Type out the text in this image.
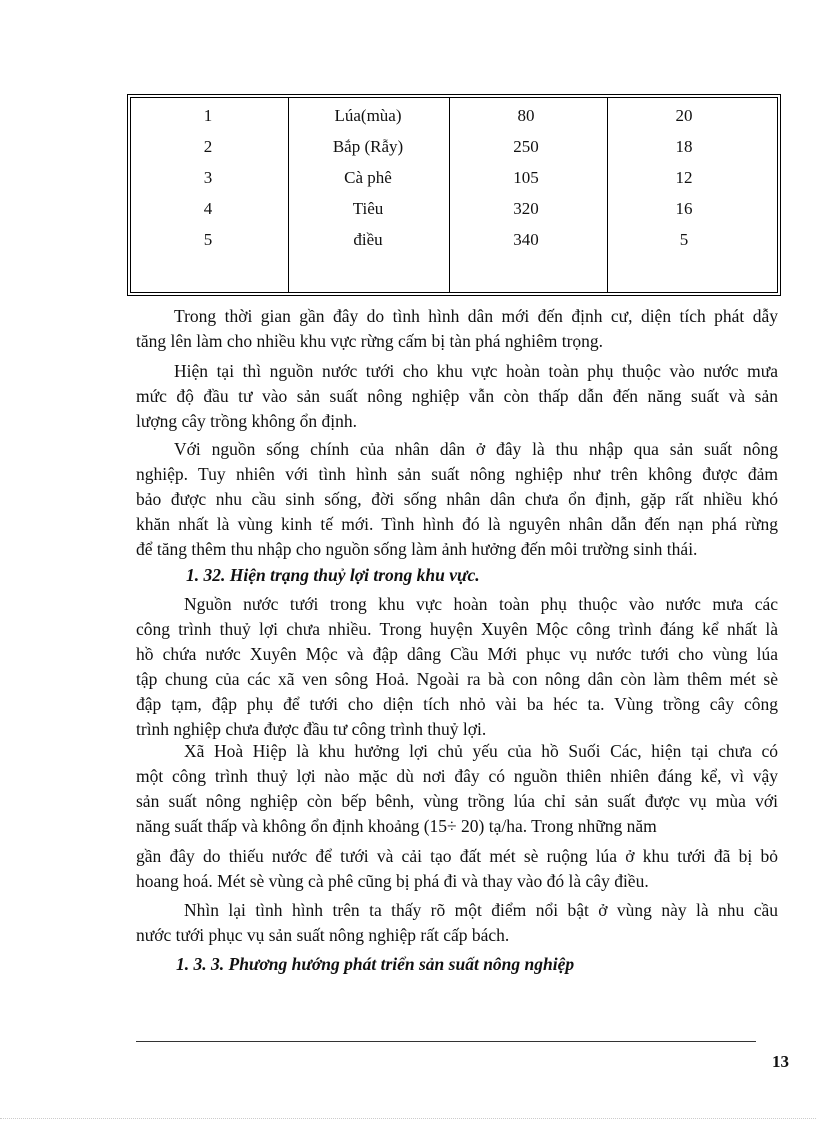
1	Lúa(mùa)	80	20
2	Bắp (Rẫy)	250	18
3	Cà phê	105	12
4	Tiêu	320	16
5	điều	340	5
Trong thời gian gần đây do tình hình dân mới đến định cư, diện tích phát dẫy
tăng lên làm cho nhiều khu vực rừng cấm bị tàn phá nghiêm trọng.
Hiện tại thì nguồn nước tưới cho khu vực hoàn toàn phụ thuộc vào nước mưa
mức độ đầu tư vào sản suất nông nghiệp vẫn còn thấp dẫn đến năng suất và sản
lượng cây trồng không ổn định.
Với nguồn sống chính của nhân dân ở đây là thu nhập qua sản suất nông
nghiệp. Tuy nhiên với tình hình sản suất nông nghiệp như trên không được đảm
bảo được nhu cầu sinh sống, đời sống nhân dân chưa ổn định, gặp rất nhiều khó
khăn nhất là vùng kinh tế mới. Tình hình đó là nguyên nhân dẫn đến nạn phá rừng
để tăng thêm thu nhập cho nguồn sống làm ảnh hưởng đến môi trường sinh thái.
1. 32. Hiện trạng thuỷ lợi trong khu vực.
Nguồn nước tưới trong khu vực hoàn toàn phụ thuộc vào nước mưa các
công trình thuỷ lợi chưa nhiều. Trong huyện Xuyên Mộc công trình đáng kể nhất là
hồ chứa nước Xuyên Mộc và đập dâng Cầu Mới phục vụ nước tưới cho vùng lúa
tập chung của các xã ven sông Hoả. Ngoài ra bà con nông dân còn làm thêm mét sè
đập tạm, đập phụ để tưới cho diện tích nhỏ vài ba héc ta. Vùng trồng cây công
trình nghiệp chưa được đầu tư công trình thuỷ lợi.
Xã Hoà Hiệp là khu hưởng lợi chủ yếu của hồ Suối Các, hiện tại chưa có
một công trình thuỷ lợi nào mặc dù nơi đây có nguồn thiên nhiên đáng kể, vì vậy
sản suất nông nghiệp còn bếp bênh, vùng trồng lúa chỉ sản suất được vụ mùa với
năng suất thấp và không ổn định khoảng (15÷ 20) tạ/ha. Trong những năm
gần đây do thiếu nước để tưới và cải tạo đất mét sè ruộng lúa ở khu tưới đã bị bỏ
hoang hoá. Mét sè vùng cà phê cũng bị phá đi và thay vào đó là cây điều.
Nhìn lại tình hình trên ta thấy rõ một điểm nổi bật ở vùng này là nhu cầu
nước tưới phục vụ sản suất nông nghiệp rất cấp bách.
1. 3. 3. Phương hướng phát triển sản suất nông nghiệp
13
